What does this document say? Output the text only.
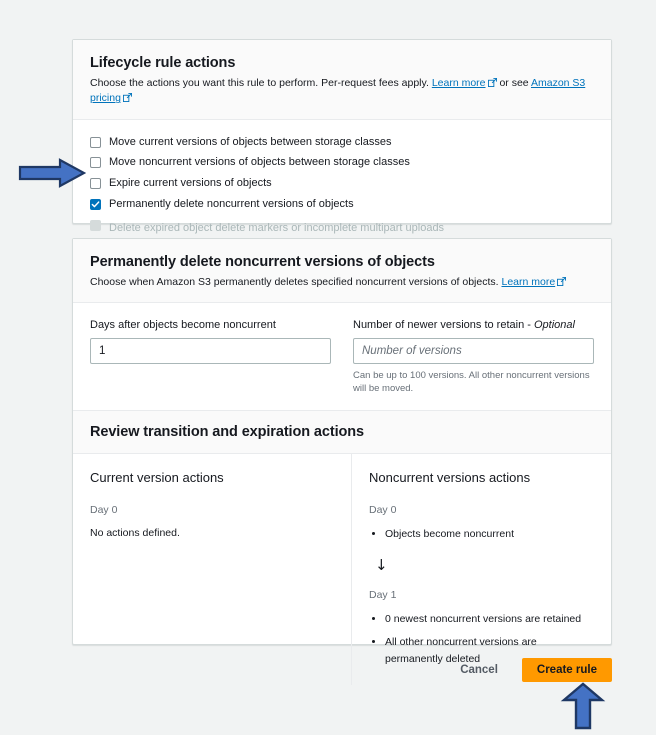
Lifecycle rule actions
Choose the actions you want this rule to perform. Per-request fees apply. Learn more or see Amazon S3 pricing
Move current versions of objects between storage classes
Move noncurrent versions of objects between storage classes
Expire current versions of objects
Permanently delete noncurrent versions of objects
Delete expired object delete markers or incomplete multipart uploads
Permanently delete noncurrent versions of objects
Choose when Amazon S3 permanently deletes specified noncurrent versions of objects. Learn more
Days after objects become noncurrent
1	Number of newer versions to retain - Optional
Number of versions
Can be up to 100 versions. All other noncurrent versions will be moved.
Review transition and expiration actions
Current version actions
Day 0

No actions defined.

Noncurrent versions actions
Day 0
• Objects become noncurrent
↓
Day 1
• 0 newest noncurrent versions are retained
• All other noncurrent versions are permanently deleted
Cancel	Create rule
